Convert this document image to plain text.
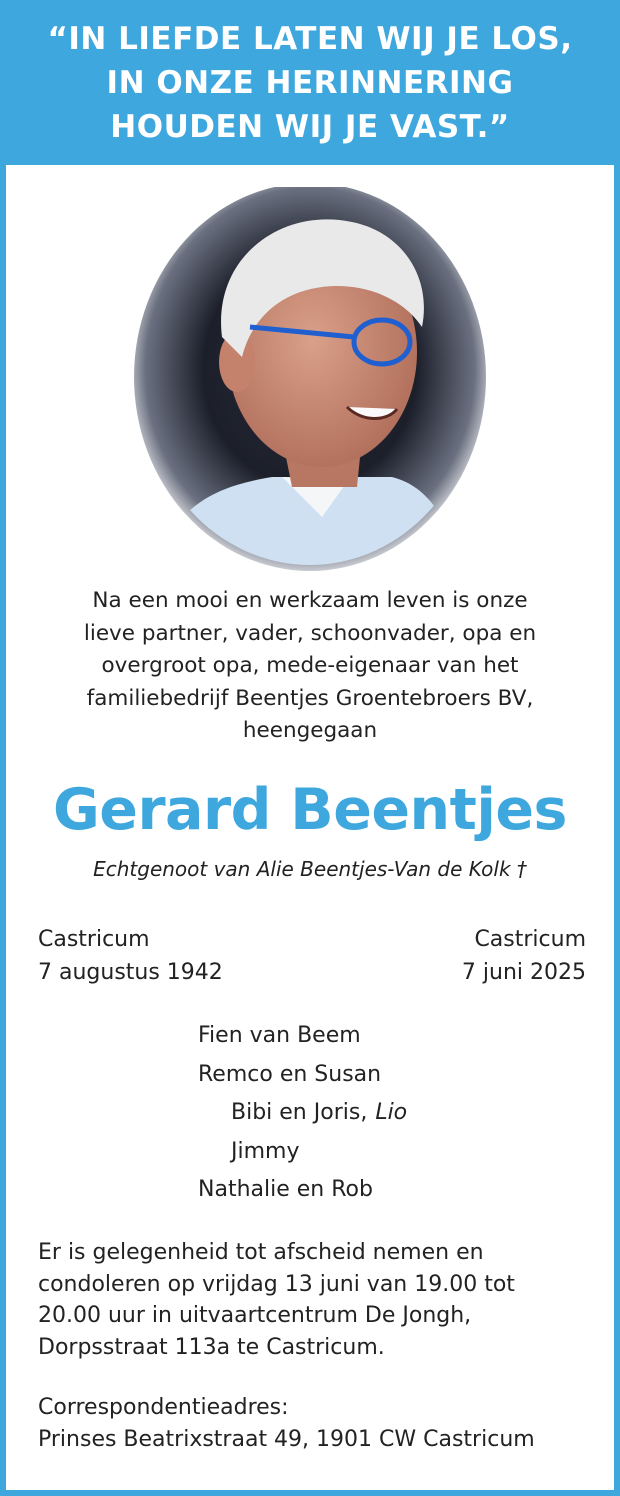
“IN LIEFDE LATEN WIJ JE LOS,
IN ONZE HERINNERING
HOUDEN WIJ JE VAST.”
Na een mooi en werkzaam leven is onze
lieve partner, vader, schoonvader, opa en
overgroot opa, mede-eigenaar van het
familiebedrijf Beentjes Groentebroers BV,
heengegaan
Gerard Beentjes
Echtgenoot van Alie Beentjes-Van de Kolk †
Castricum
7 augustus 1942
Castricum
7 juni 2025
Fien van Beem
Remco en Susan
Bibi en Joris, Lio
Jimmy
Nathalie en Rob
Er is gelegenheid tot afscheid nemen en
condoleren op vrijdag 13 juni van 19.00 tot
20.00 uur in uitvaartcentrum De Jongh,
Dorpsstraat 113a te Castricum.
Correspondentieadres:
Prinses Beatrixstraat 49, 1901 CW Castricum
